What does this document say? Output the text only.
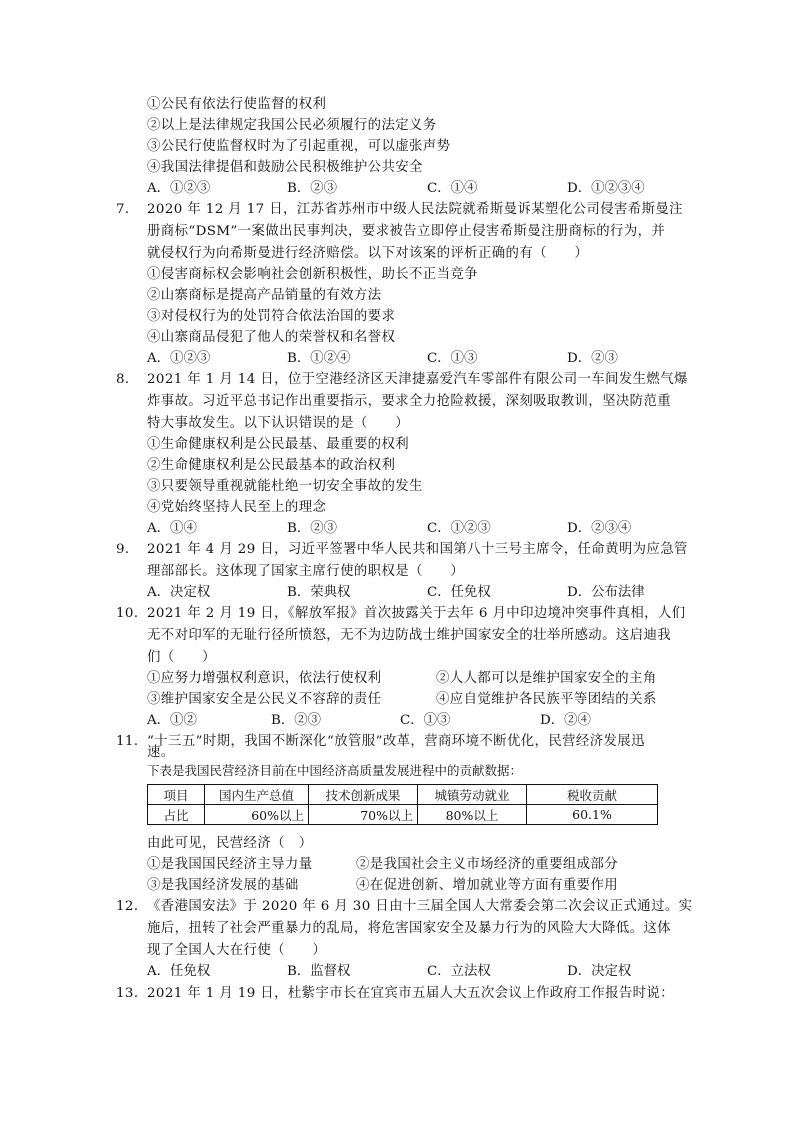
①公民有依法行使监督的权利
②以上是法律规定我国公民必须履行的法定义务
③公民行使监督权时为了引起重视，可以虚张声势
④我国法律提倡和鼓励公民积极维护公共安全
A．①②③	B．②③	C．①④	D．①②③④
7． 2020 年 12 月 17 日，江苏省苏州市中级人民法院就希斯曼诉某塑化公司侵害希斯曼注
册商标“DSM”一案做出民事判决，要求被告立即停止侵害希斯曼注册商标的行为，并
就侵权行为向希斯曼进行经济赔偿。以下对该案的评析正确的有（　　）
①侵害商标权会影响社会创新积极性，助长不正当竞争
②山寨商标是提高产品销量的有效方法
③对侵权行为的处罚符合依法治国的要求
④山寨商品侵犯了他人的荣誉权和名誉权
A．①②③	B．①②④	C．①③	D．②③
8． 2021 年 1 月 14 日，位于空港经济区天津捷嘉爱汽车零部件有限公司一车间发生燃气爆
炸事故。习近平总书记作出重要指示，要求全力抢险救援，深刻吸取教训，坚决防范重
特大事故发生。以下认识错误的是（　　）
①生命健康权利是公民最基、最重要的权利
②生命健康权利是公民最基本的政治权利
③只要领导重视就能杜绝一切安全事故的发生
④党始终坚持人民至上的理念
A．①④	B．②③	C．①②③	D．②③④
9． 2021 年 4 月 29 日，习近平签署中华人民共和国第八十三号主席令，任命黄明为应急管
理部部长。这体现了国家主席行使的职权是（　　）
A．决定权	B．荣典权	C．任免权	D．公布法律
10．2021 年 2 月 19 日，《解放军报》首次披露关于去年 6 月中印边境冲突事件真相，人们
无不对印军的无耻行径所愤怒，无不为边防战士维护国家安全的壮举所感动。这启迪我
们（　　）
①应努力增强权利意识，依法行使权利	②人人都可以是维护国家安全的主角
③维护国家安全是公民义不容辞的责任	④应自觉维护各民族平等团结的关系
A．①②	B．②③	C．①③	D．②④
11．“十三五”时期，我国不断深化“放管服”改革，营商环境不断优化，民营经济发展迅
速。
下表是我国民营经济目前在中国经济高质量发展进程中的贡献数据：
项目	国内生产总值	技术创新成果	城镇劳动就业	税收贡献
占比	60%以上	70%以上	80%以上	60.1%
由此可见，民营经济（　）
①是我国国民经济主导力量	②是我国社会主义市场经济的重要组成部分
③是我国经济发展的基础	④在促进创新、增加就业等方面有重要作用
12．《香港国安法》于 2020 年 6 月 30 日由十三届全国人大常委会第二次会议正式通过。实
施后，扭转了社会严重暴力的乱局，将危害国家安全及暴力行为的风险大大降低。这体
现了全国人大在行使（　　）
A．任免权	B．监督权	C．立法权	D．决定权
13．2021 年 1 月 19 日，杜紫宇市长在宜宾市五届人大五次会议上作政府工作报告时说：
